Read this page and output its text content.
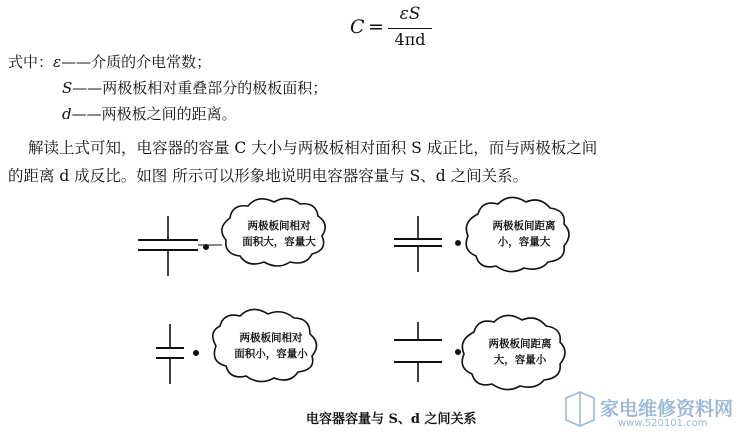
C =
εS
4πd
式中：ε——介质的介电常数；
S——两极板相对重叠部分的极板面积；
d——两极板之间的距离。
解读上式可知，电容器的容量 C 大小与两极板相对面积 S 成正比，而与两极板之间
的距离 d 成反比。如图 所示可以形象地说明电容器容量与 S、d 之间关系。
两极板间相对
面积大，容量大
两极板间距离
小，容量大
两极板间相对
面积小，容量小
两极板间距离
大，容量小
电容器容量与 S、d 之间关系	家电维修资料网
www.520101.com
